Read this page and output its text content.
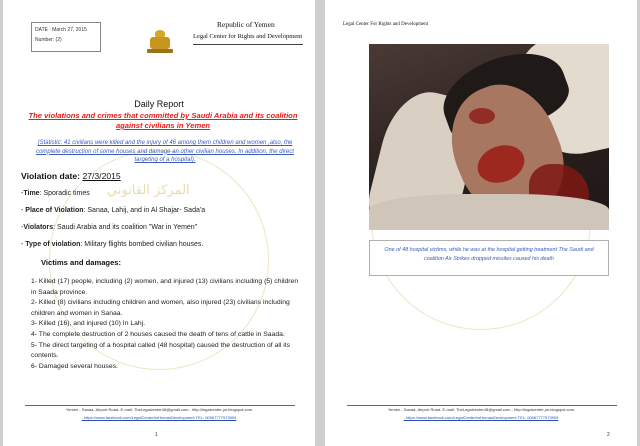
المركز القانوني
DATE : March 27, 2015
Number: (2)
Republic of Yemen
Legal Center for Rights and Development
Daily Report
The violations and crimes that committed by Saudi Arabia and its coalition against civilians in Yemen
(Statistic: 41 civilians were killed and the injury of 46 among them children and women ,also, the complete destruction of some houses and damage an other civilian houses. In addition, the direct targeting of a hospital).
Violation date: 27/3/2015
-Time: Sporadic times
- Place of Violation: Sanaa, Lahij, and in Al Shajar- Sada'a
-Violators: Saudi Arabia and its coalition "War in Yemen"
- Type of violation: Military flights bombed civilian houses.
Victims and damages:
1- Killed (17) people, including (2) women, and injured (13) civilians including (5) children in Saada province.
2- Killed (8) civilians including children and women, also injured (23) civilians including children and women in Sanaa.
3- Killed (16), and injured (10) In Lahj.
4- The complete destruction of 2 houses caused the death of tens of cattle in Saada.
5- The direct targeting of a hospital called (48 hospital) caused the destruction of all its contents.
6- Damaged several houses.
Yemen - Sanaa- Airport Road- E-mail: TheLegalcenter48@gmail.com - http://legalcenter-ye.blogspot.com
- https://www.facebook.com/LegalCenterforHumanDevelopment TEL: 00967777973909
1
Legal Center For Rights and Development
One of 48 hospital victims, while he was at the hospital getting treatment The Saudi and coalition Air Strikes dropped missiles caused his death
Yemen - Sanaa- Airport Road- E-mail: TheLegalcenter48@gmail.com - http://legalcenter-ye.blogspot.com
- https://www.facebook.com/LegalCenterforHumanDevelopment TEL: 00967777973909
2
